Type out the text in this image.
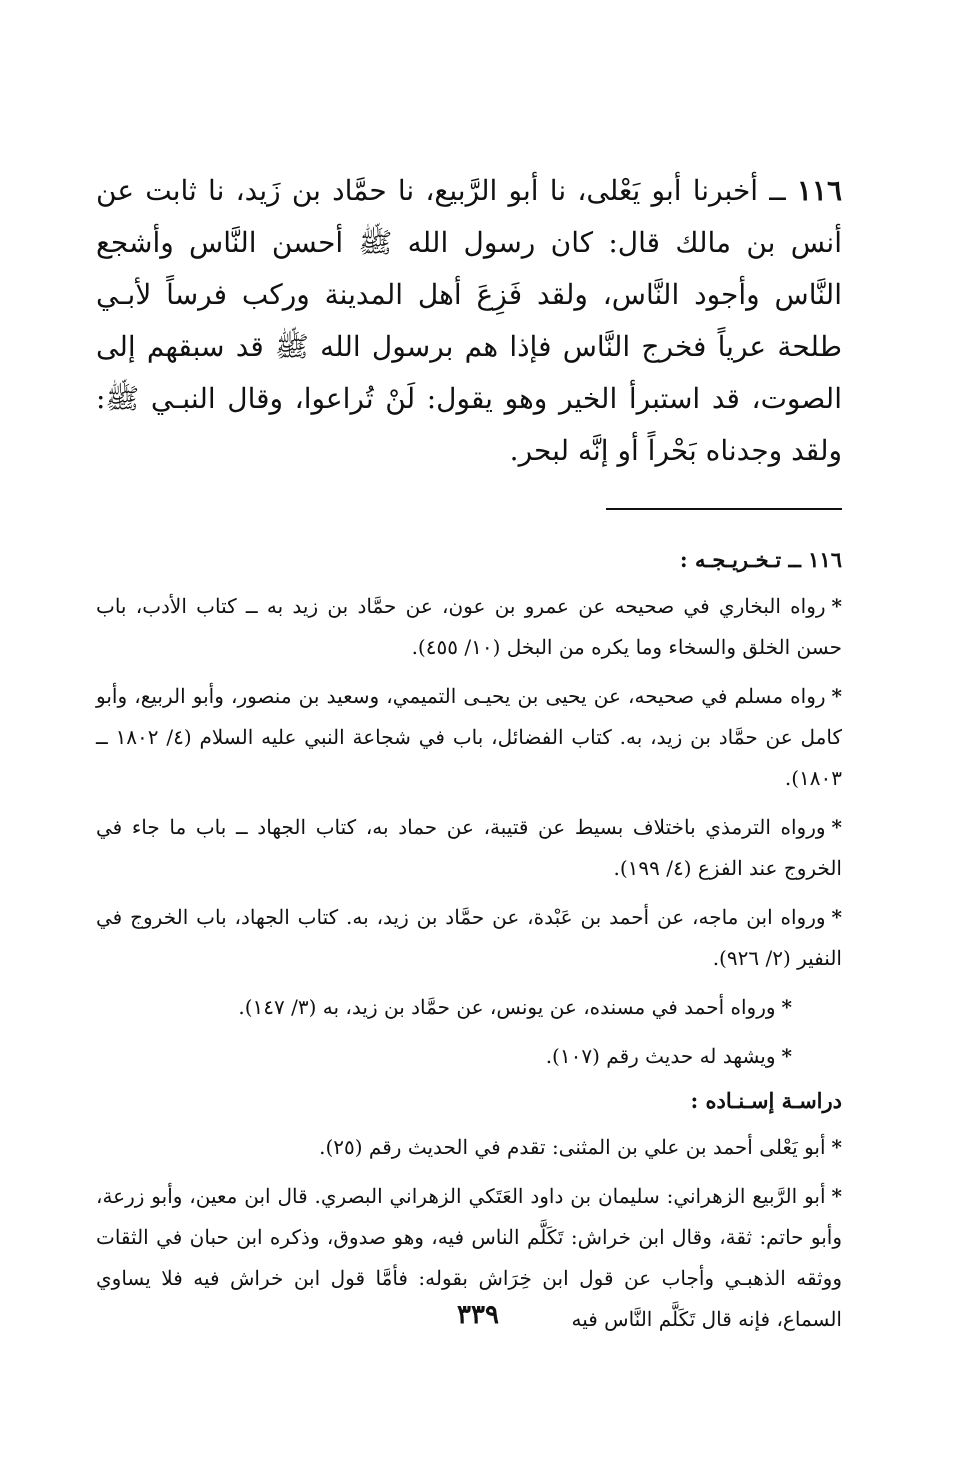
١١٦ ــ أخبرنا أبو يَعْلى، نا أبو الرَّبيع، نا حمَّاد بن زَيد، نا ثابت عن أنس بن مالك قال: كان رسول الله ﷺ أحسن النَّاس وأشجع النَّاس وأجود النَّاس، ولقد فَزِعَ أهل المدينة وركب فرساً لأبـي طلحة عرياً فخرج النَّاس فإذا هم برسول الله ﷺ قد سبقهم إلى الصوت، قد استبرأ الخير وهو يقول: لَنْ تُراعوا، وقال النبـي ﷺ: ولقد وجدناه بَحْراً أو إنَّه لبحر.

١١٦ ــ تـخـريـجـه :

*رواه البخاري في صحيحه عن عمرو بن عون، عن حمَّاد بن زيد به ــ كتاب الأدب، باب حسن الخلق والسخاء وما يكره من البخل (١٠/ ٤٥٥).

*رواه مسلم في صحيحه، عن يحيى بن يحيـى التميمي، وسعيد بن منصور، وأبو الربيع، وأبو كامل عن حمَّاد بن زيد، به. كتاب الفضائل، باب في شجاعة النبي عليه السلام (٤/ ١٨٠٢ ــ ١٨٠٣).

*ورواه الترمذي باختلاف بسيط عن قتيبة، عن حماد به، كتاب الجهاد ــ باب ما جاء في الخروج عند الفزع (٤/ ١٩٩).

*ورواه ابن ماجه، عن أحمد بن عَبْدة، عن حمَّاد بن زيد، به. كتاب الجهاد، باب الخروج في النفير (٢/ ٩٢٦).

*ورواه أحمد في مسنده، عن يونس، عن حمَّاد بن زيد، به (٣/ ١٤٧).

*ويشهد له حديث رقم (١٠٧).

دراسـة إسـنـاده :

*أبو يَعْلى أحمد بن علي بن المثنى: تقدم في الحديث رقم (٢٥).

*أبو الرَّبيع الزهراني: سليمان بن داود العَتَكي الزهراني البصري. قال ابن معين، وأبو زرعة، وأبو حاتم: ثقة، وقال ابن خراش: تَكَلَّم الناس فيه، وهو صدوق، وذكره ابن حبان في الثقات ووثقه الذهبـي وأجاب عن قول ابن خِرَاش بقوله: فأمَّا قول ابن خراش فيه فلا يساوي السماع، فإنه قال تَكَلَّم النَّاس فيه

٣٣٩
